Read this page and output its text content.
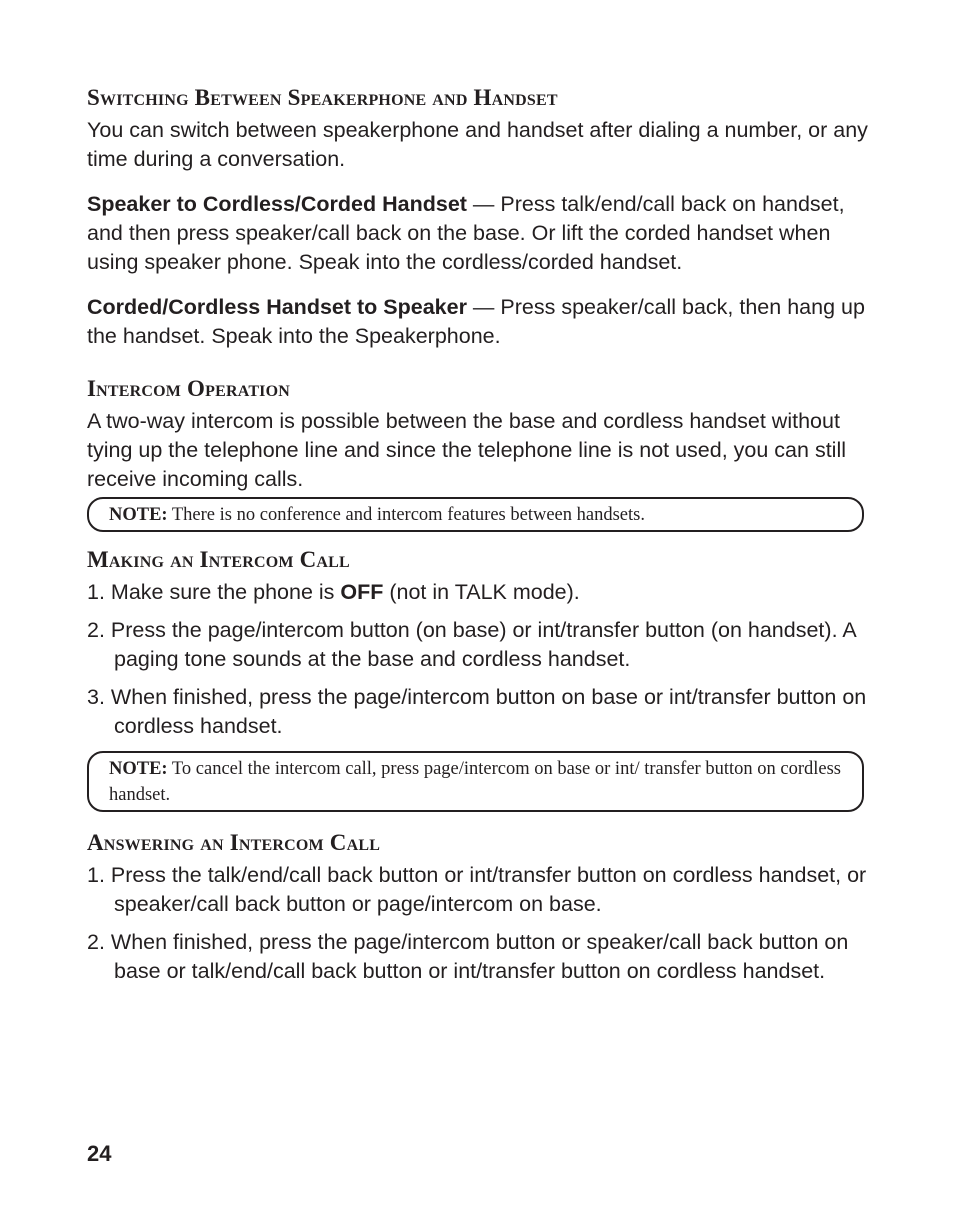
Switching Between Speakerphone and Handset

You can switch between speakerphone and handset after dialing a number, or any time during a conversation.

Speaker to Cordless/Corded Handset — Press talk/end/call back on handset, and then press speaker/call back on the base. Or lift the corded handset when using speaker phone. Speak into the cordless/corded handset.

Corded/Cordless Handset to Speaker — Press speaker/call back, then hang up the handset. Speak into the Speakerphone.

Intercom Operation

A two-way intercom is possible between the base and cordless handset without tying up the telephone line and since the telephone line is not used, you can still receive incoming calls.

NOTE: There is no conference and intercom features between handsets.
Making an Intercom Call
1. Make sure the phone is OFF (not in TALK mode).
2. Press the page/intercom button (on base) or int/transfer button (on handset). A paging tone sounds at the base and cordless handset.
3. When finished, press the page/intercom button on base or int/transfer button on cordless handset.
NOTE: To cancel the intercom call, press page/intercom on base or int/ transfer button on cordless handset.
Answering an Intercom Call
1. Press the talk/end/call back button or int/transfer button on cordless handset, or speaker/call back button or page/intercom on base.
2. When finished, press the page/intercom button or speaker/call back button on base or talk/end/call back button or int/transfer button on cordless handset.
24
